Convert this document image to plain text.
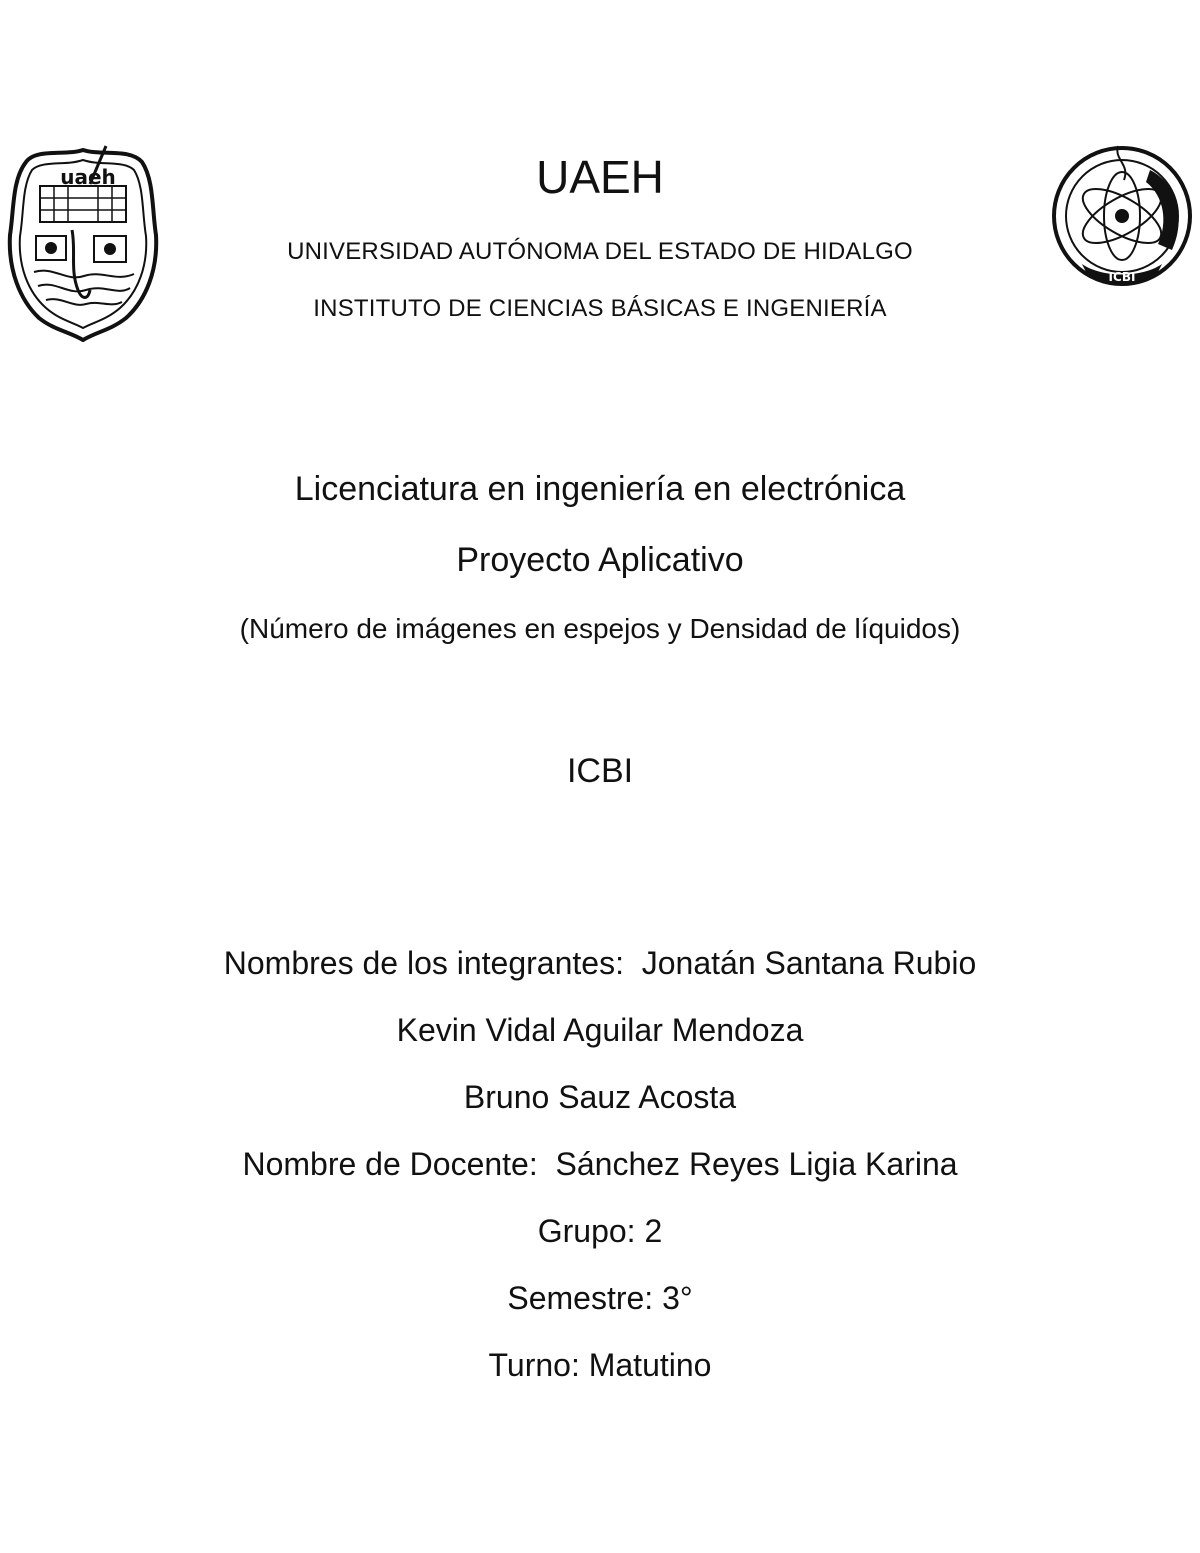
uaeh
ICBI
UAEH
UNIVERSIDAD AUTÓNOMA DEL ESTADO DE HIDALGO
INSTITUTO DE CIENCIAS BÁSICAS E INGENIERÍA
Licenciatura en ingeniería en electrónica
Proyecto Aplicativo
(Número de imágenes en espejos y Densidad de líquidos)
ICBI
Nombres de los integrantes: Jonatán Santana Rubio
Kevin Vidal Aguilar Mendoza
Bruno Sauz Acosta
Nombre de Docente: Sánchez Reyes Ligia Karina
Grupo: 2
Semestre: 3°
Turno: Matutino
